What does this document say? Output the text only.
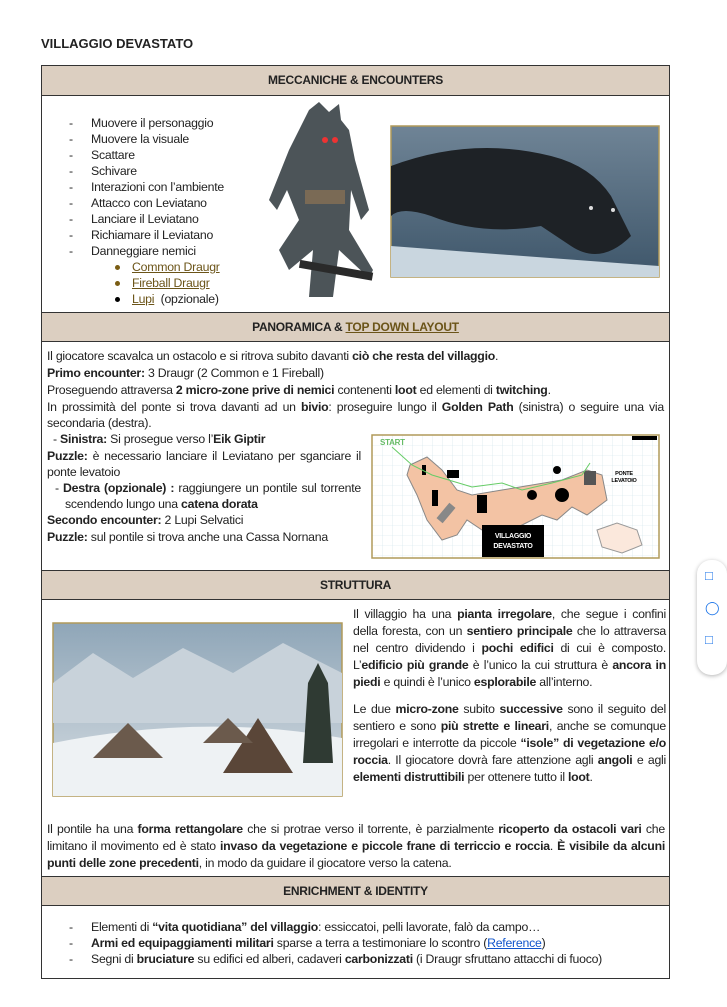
VILLAGGIO DEVASTATO
MECCANICHE & ENCOUNTERS
- Muovere il personaggio
- Muovere la visuale
- Scattare
- Schivare
- Interazioni con l’ambiente
- Attacco con Leviatano
- Lanciare il Leviatano
- Richiamare il Leviatano
- Danneggiare nemici
Common Draugr
Fireball Draugr
Lupi (opzionale)
PANORAMICA & TOP DOWN LAYOUT

Il giocatore scavalca un ostacolo e si ritrova subito davanti ciò che resta del villaggio.

Primo encounter: 3 Draugr (2 Common e 1 Fireball)

Proseguendo attraversa 2 micro-zone prive di nemici contenenti loot ed elementi di twitching.

In prossimità del ponte si trova davanti ad un bivio: proseguire lungo il Golden Path (sinistra) o seguire una via secondaria (destra).

- Sinistra: Si prosegue verso l’Eik Giptir

Puzzle: è necessario lanciare il Leviatano per sganciare il ponte levatoio

- Destra (opzionale) : raggiungere un pontile sul torrente scendendo lungo una catena dorata

Secondo encounter: 2 Lupi Selvatici

Puzzle: sul pontile si trova anche una Cassa Nornana

START
PONTE
LEVATOIO
VILLAGGIO
DEVASTATO
STRUTTURA

Il villaggio ha una pianta irregolare, che segue i confini della foresta, con un sentiero principale che lo attraversa nel centro dividendo i pochi edifici di cui è composto. L’edificio più grande è l’unico la cui struttura è ancora in piedi e quindi è l’unico esplorabile all’interno.

Le due micro-zone subito successive sono il seguito del sentiero e sono più strette e lineari, anche se comunque irregolari e interrotte da piccole “isole” di vegetazione e/o roccia. Il giocatore dovrà fare attenzione agli angoli e agli elementi distruttibili per ottenere tutto il loot.

Il pontile ha una forma rettangolare che si protrae verso il torrente, è parzialmente ricoperto da ostacoli vari che limitano il movimento ed è stato invaso da vegetazione e piccole frane di terriccio e roccia. È visibile da alcuni punti delle zone precedenti, in modo da guidare il giocatore verso la catena.

ENRICHMENT & IDENTITY
- Elementi di “vita quotidiana” del villaggio: essiccatoi, pelli lavorate, falò da campo…
- Armi ed equipaggiamenti militari sparse a terra a testimoniare lo scontro (Reference)
- Segni di bruciature su edifici ed alberi, cadaveri carbonizzati (i Draugr sfruttano attacchi di fuoco)
□
◯
□
